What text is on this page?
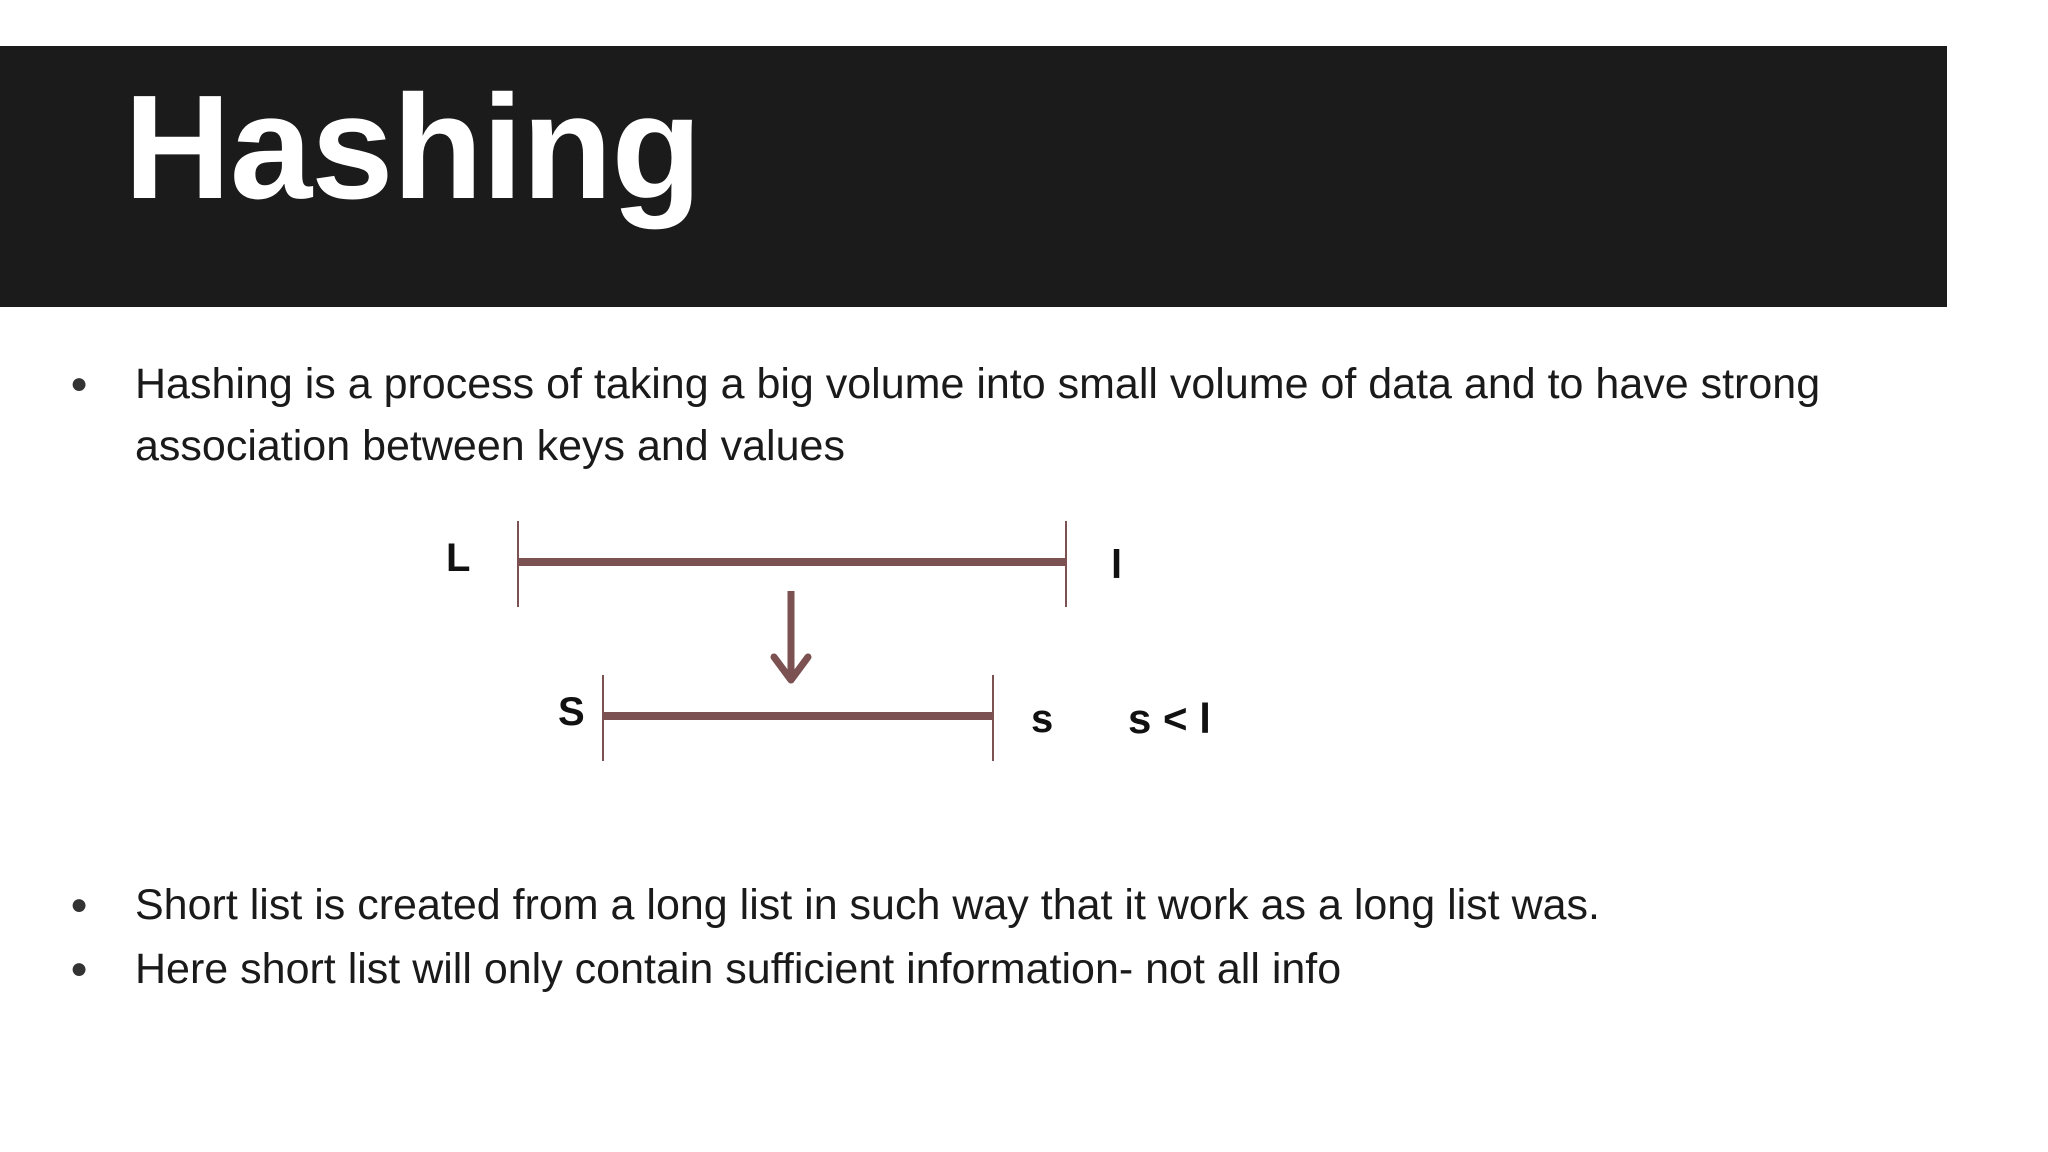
Hashing
● Hashing is a process of taking a big volume into small volume of data and to have strong association between keys and values
L	l
S	s s < l
● Short list is created from a long list in such way that it work as a long list was.
● Here short list will only contain sufficient information- not all info
